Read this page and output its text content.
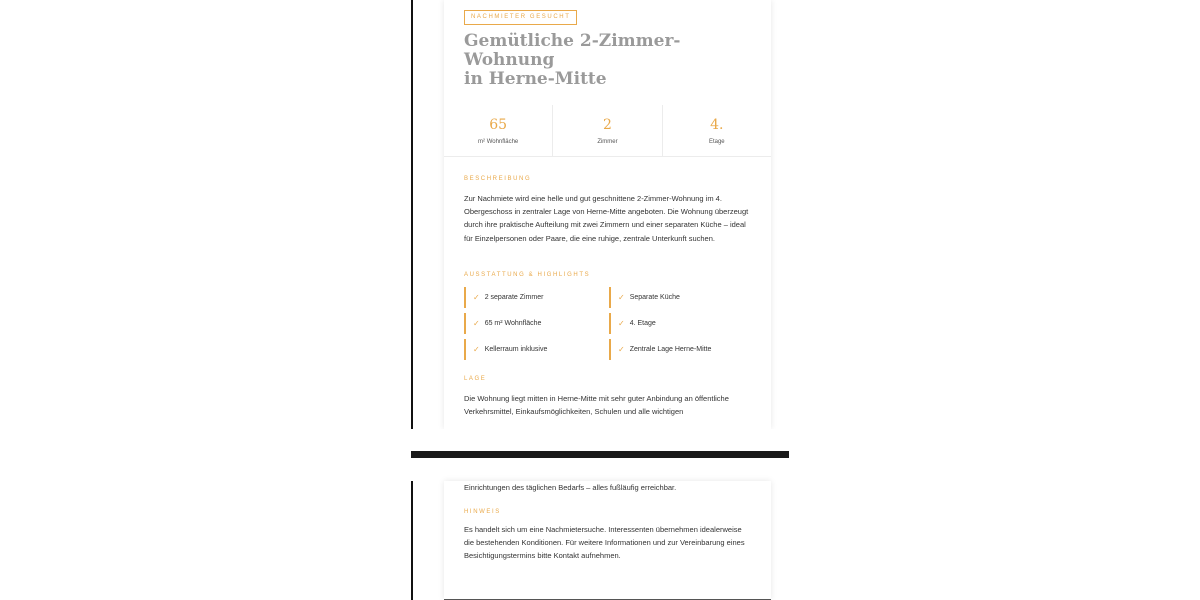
NACHMIETER GESUCHT
Gemütliche 2-Zimmer-Wohnung
in Herne-Mitte
65
m² Wohnfläche
2
Zimmer
4.
Etage
BESCHREIBUNG

Zur Nachmiete wird eine helle und gut geschnittene 2-Zimmer-Wohnung im 4. Obergeschoss in zentraler Lage von Herne-Mitte angeboten. Die Wohnung überzeugt durch ihre praktische Aufteilung mit zwei Zimmern und einer separaten Küche – ideal für Einzelpersonen oder Paare, die eine ruhige, zentrale Unterkunft suchen.

AUSSTATTUNG & HIGHLIGHTS
✓ 2 separate Zimmer	✓ Separate Küche
✓ 65 m² Wohnfläche	✓ 4. Etage
✓ Kellerraum inklusive	✓ Zentrale Lage Herne-Mitte
LAGE

Die Wohnung liegt mitten in Herne-Mitte mit sehr guter Anbindung an öffentliche Verkehrsmittel, Einkaufsmöglichkeiten, Schulen und alle wichtigen

Einrichtungen des täglichen Bedarfs – alles fußläufig erreichbar.

HINWEIS

Es handelt sich um eine Nachmietersuche. Interessenten übernehmen idealerweise die bestehenden Konditionen. Für weitere Informationen und zur Vereinbarung eines Besichtigungstermins bitte Kontakt aufnehmen.
